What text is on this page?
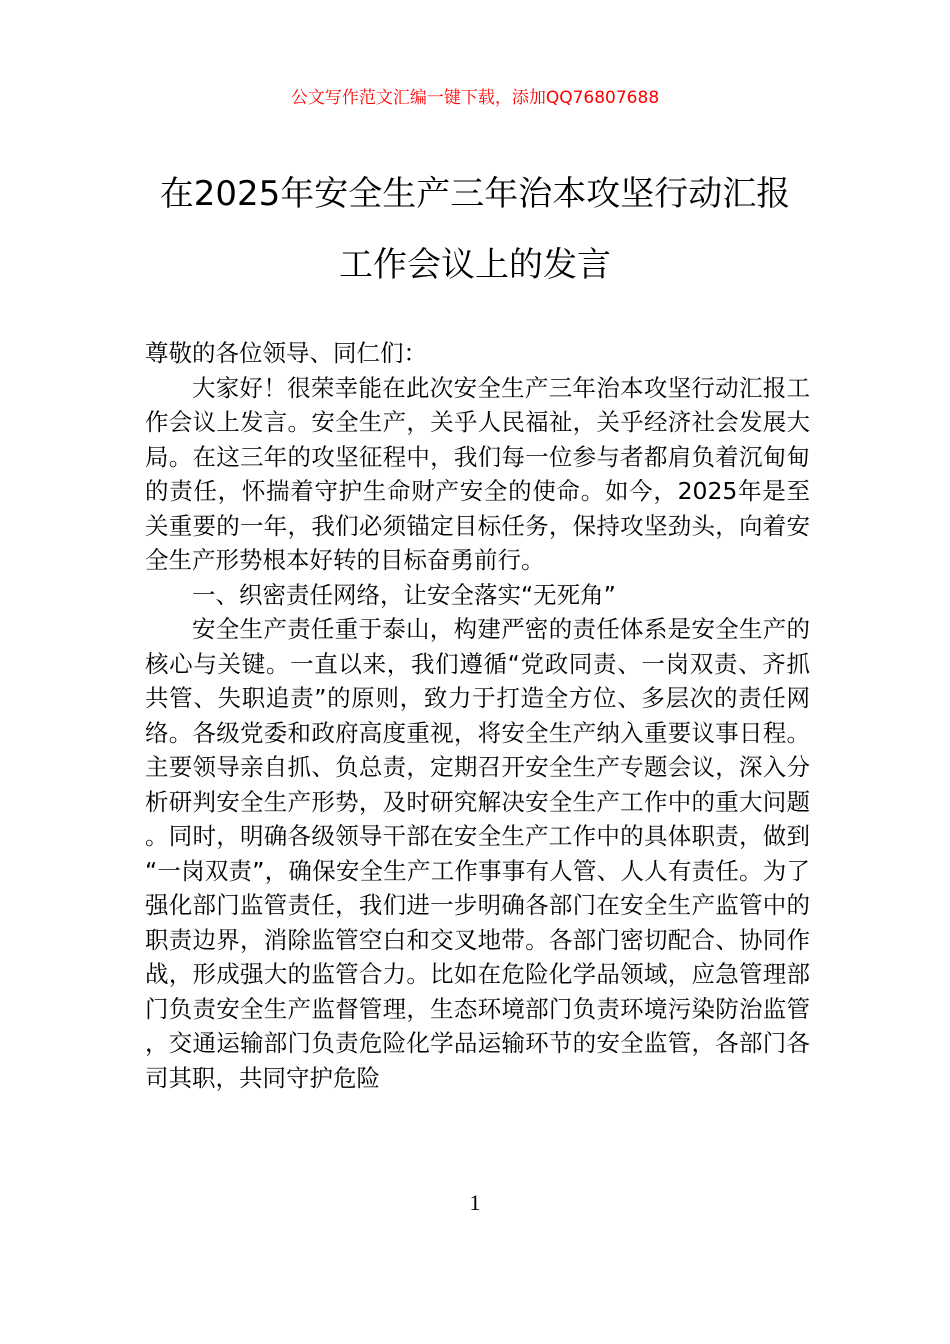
公文写作范文汇编一键下载，添加QQ76807688
在2025年安全生产三年治本攻坚行动汇报
工作会议上的发言

尊敬的各位领导、同仁们：

大家好！很荣幸能在此次安全生产三年治本攻坚行动汇报工作会议上发言。安全生产，关乎人民福祉，关乎经济社会发展大局。在这三年的攻坚征程中，我们每一位参与者都肩负着沉甸甸的责任，怀揣着守护生命财产安全的使命。如今，2025年是至关重要的一年，我们必须锚定目标任务，保持攻坚劲头，向着安全生产形势根本好转的目标奋勇前行。

一、织密责任网络，让安全落实“无死角”

安全生产责任重于泰山，构建严密的责任体系是安全生产的核心与关键。一直以来，我们遵循“党政同责、一岗双责、齐抓共管、失职追责”的原则，致力于打造全方位、多层次的责任网络。各级党委和政府高度重视，将安全生产纳入重要议事日程。主要领导亲自抓、负总责，定期召开安全生产专题会议，深入分析研判安全生产形势，及时研究解决安全生产工作中的重大问题。同时，明确各级领导干部在安全生产工作中的具体职责，做到“一岗双责”，确保安全生产工作事事有人管、人人有责任。为了强化部门监管责任，我们进一步明确各部门在安全生产监管中的职责边界，消除监管空白和交叉地带。各部门密切配合、协同作战，形成强大的监管合力。比如在危险化学品领域，应急管理部门负责安全生产监督管理，生态环境部门负责环境污染防治监管，交通运输部门负责危险化学品运输环节的安全监管，各部门各司其职，共同守护危险

1
